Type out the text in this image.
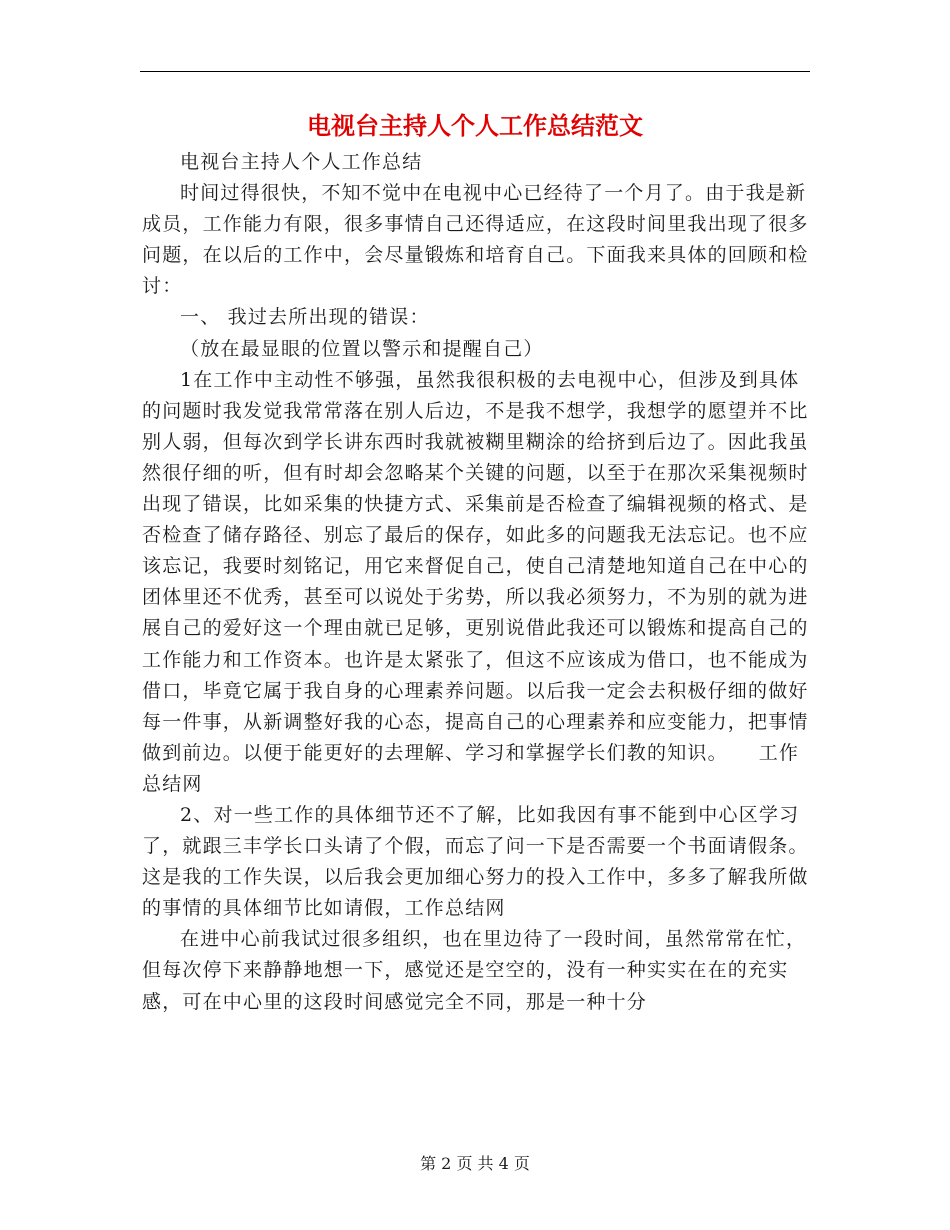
电视台主持人个人工作总结范文

电视台主持人个人工作总结

时间过得很快，不知不觉中在电视中心已经待了一个月了。由于我是新成员，工作能力有限，很多事情自己还得适应，在这段时间里我出现了很多问题，在以后的工作中，会尽量锻炼和培育自己。下面我来具体的回顾和检讨：

一、 我过去所出现的错误：

（放在最显眼的位置以警示和提醒自己）

1在工作中主动性不够强，虽然我很积极的去电视中心，但涉及到具体的问题时我发觉我常常落在别人后边，不是我不想学，我想学的愿望并不比别人弱，但每次到学长讲东西时我就被糊里糊涂的给挤到后边了。因此我虽然很仔细的听，但有时却会忽略某个关键的问题，以至于在那次采集视频时出现了错误，比如采集的快捷方式、采集前是否检查了编辑视频的格式、是否检查了储存路径、别忘了最后的保存，如此多的问题我无法忘记。也不应该忘记，我要时刻铭记，用它来督促自己，使自己清楚地知道自己在中心的团体里还不优秀，甚至可以说处于劣势，所以我必须努力，不为别的就为进展自己的爱好这一个理由就已足够，更别说借此我还可以锻炼和提高自己的工作能力和工作资本。也许是太紧张了，但这不应该成为借口，也不能成为借口，毕竟它属于我自身的心理素养问题。以后我一定会去积极仔细的做好每一件事，从新调整好我的心态，提高自己的心理素养和应变能力，把事情做到前边。以便于能更好的去理解、学习和掌握学长们教的知识。　　工作总结网

2、对一些工作的具体细节还不了解，比如我因有事不能到中心区学习了，就跟三丰学长口头请了个假，而忘了问一下是否需要一个书面请假条。这是我的工作失误，以后我会更加细心努力的投入工作中，多多了解我所做的事情的具体细节比如请假，工作总结网

在进中心前我试过很多组织，也在里边待了一段时间，虽然常常在忙，但每次停下来静静地想一下，感觉还是空空的，没有一种实实在在的充实感，可在中心里的这段时间感觉完全不同，那是一种十分

第 2 页 共 4 页
